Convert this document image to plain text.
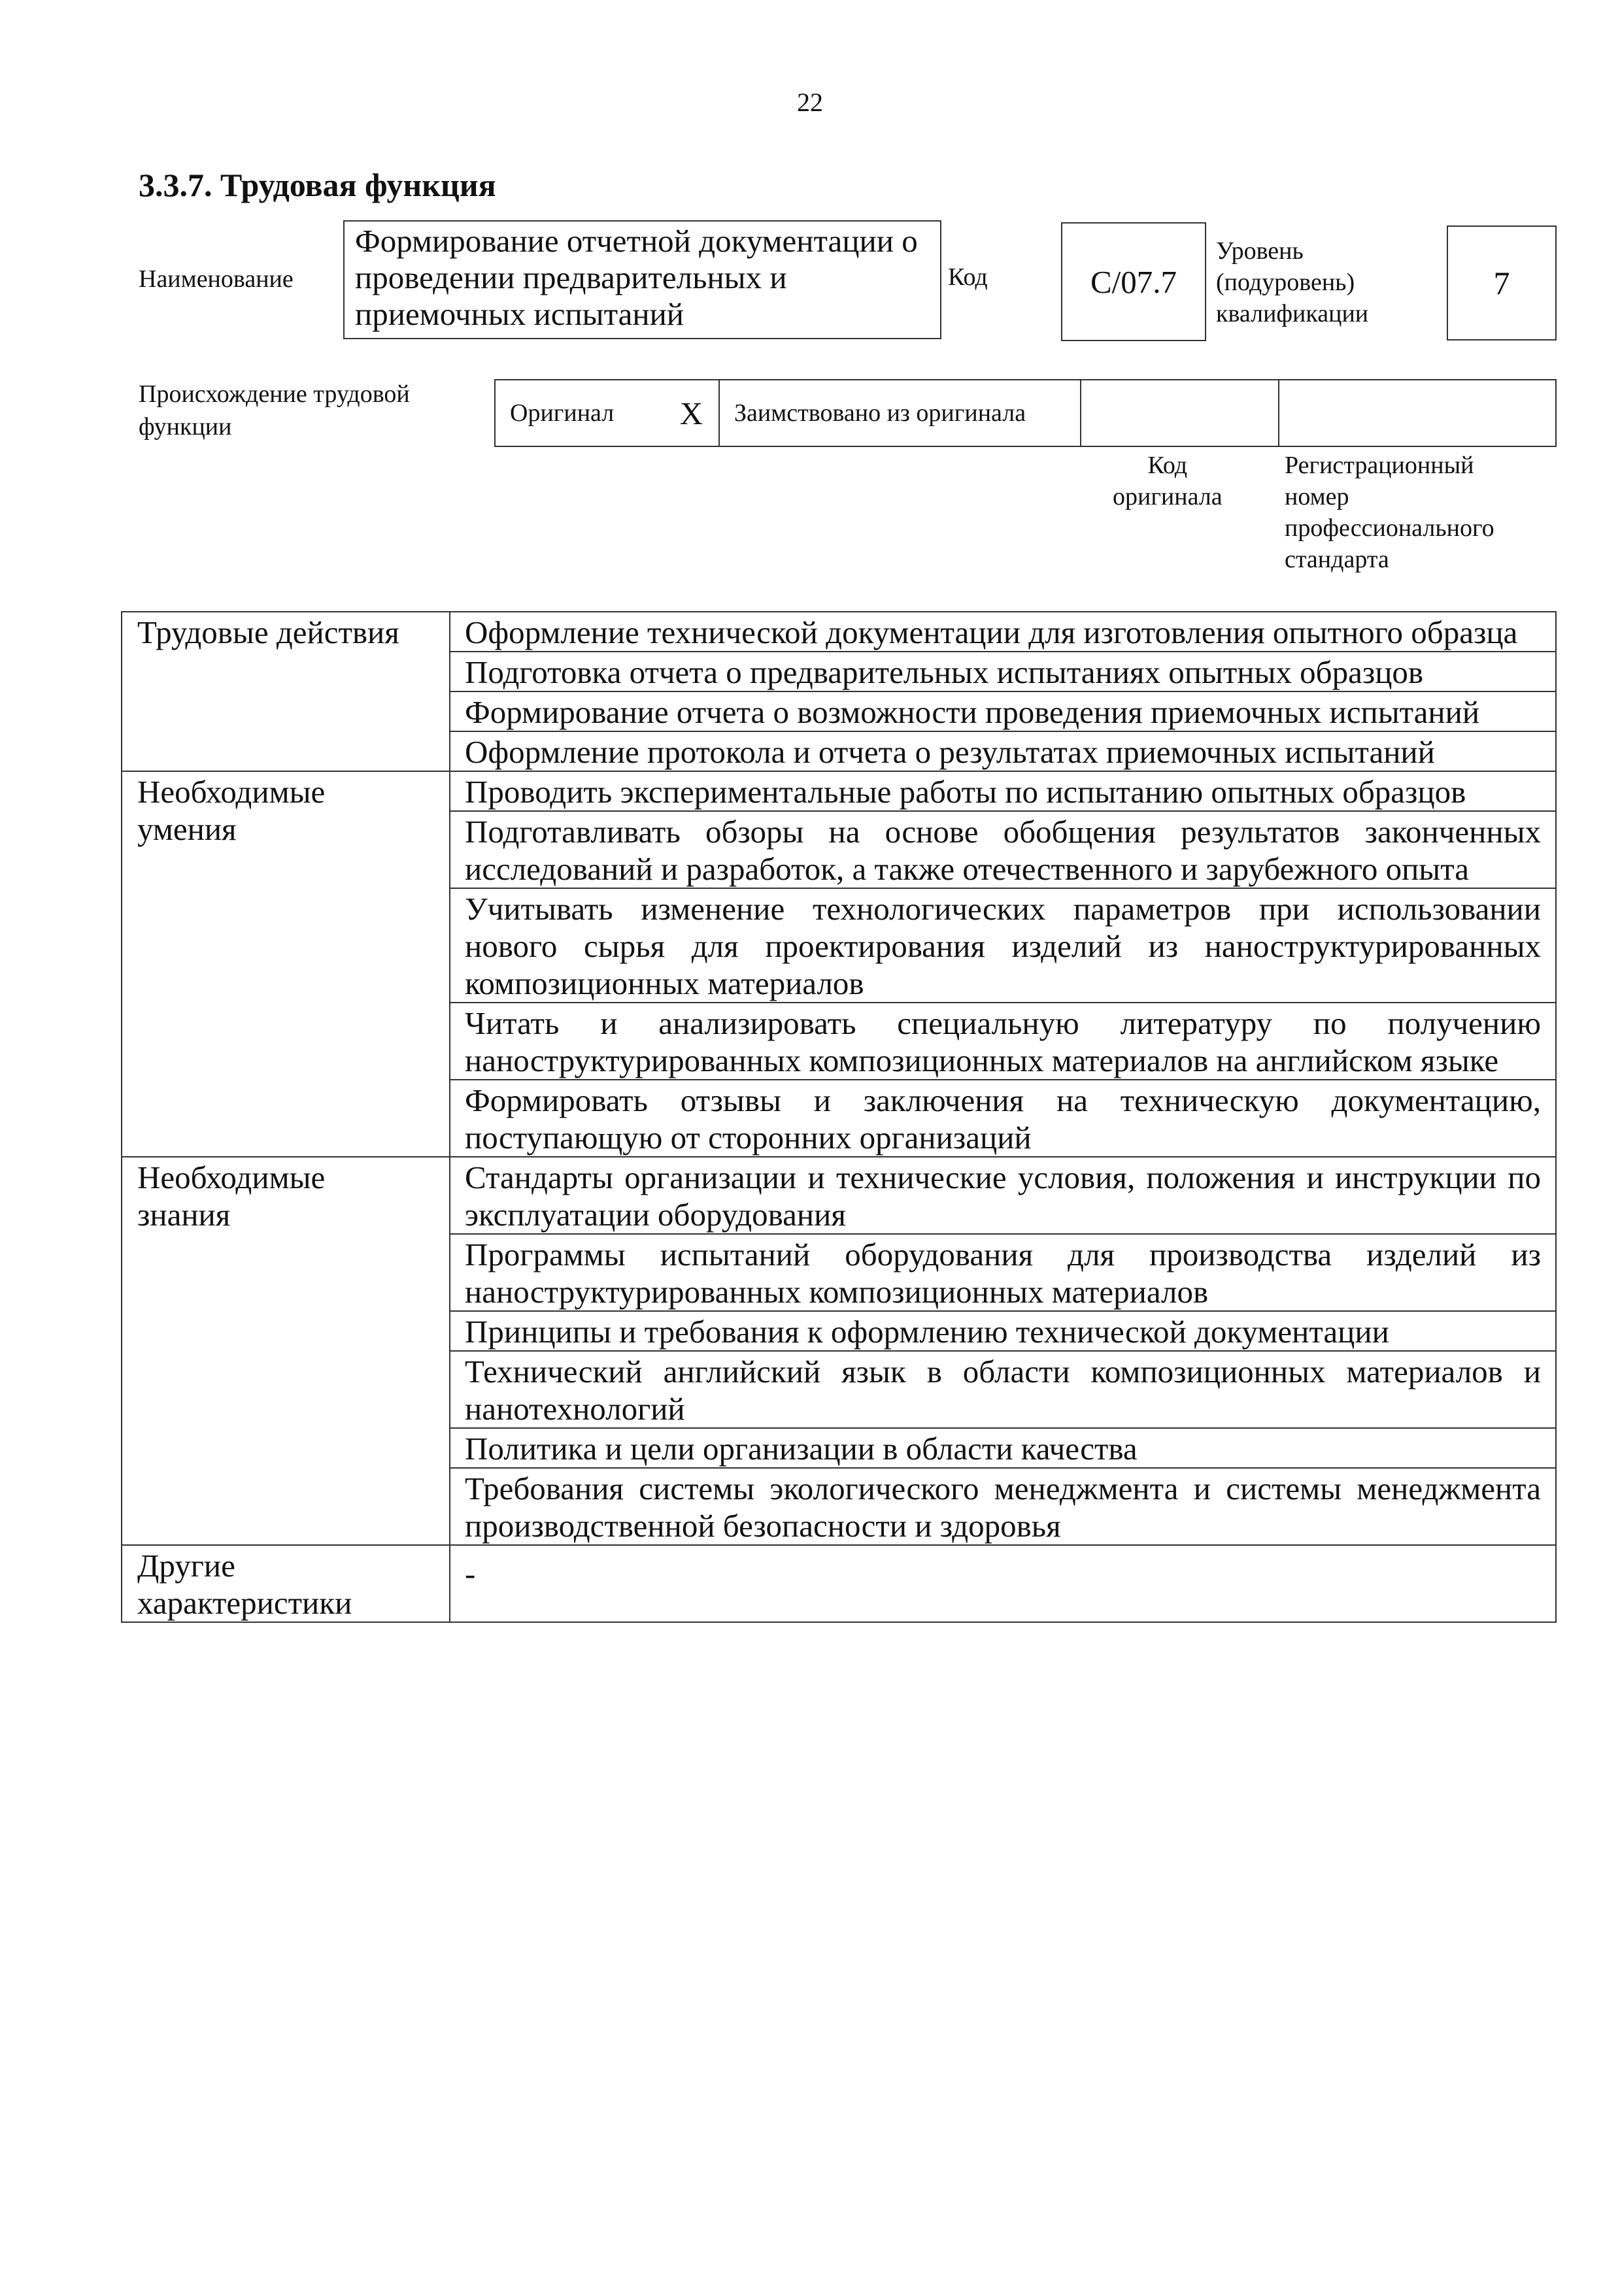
22
3.3.7. Трудовая функция
Наименование
Формирование отчетной документации о проведении предварительных и приемочных испытаний
Код	С/07.7
Уровень
(подуровень)
квалификации
7
Происхождение трудовой
функции	Оригинал	X	Заимствовано из оригинала
Код
оригинала
Регистрационный
номер
профессионального
стандарта
Трудовые действия	Оформление технической документации для изготовления опытного образца
	Подготовка отчета о предварительных испытаниях опытных образцов
	Формирование отчета о возможности проведения приемочных испытаний
	Оформление протокола и отчета о результатах приемочных испытаний

Необходимые
умения	Проводить экспериментальные работы по испытанию опытных образцов
	Подготавливать обзоры на основе обобщения результатов законченных исследований и разработок, а также отечественного и зарубежного опыта
	Учитывать изменение технологических параметров при использовании нового сырья для проектирования изделий из наноструктурированных композиционных материалов
	Читать и анализировать специальную литературу по получению наноструктурированных композиционных материалов на английском языке
	Формировать отзывы и заключения на техническую документацию, поступающую от сторонних организаций

Необходимые
знания	Стандарты организации и технические условия, положения и инструкции по эксплуатации оборудования
	Программы испытаний оборудования для производства изделий из наноструктурированных композиционных материалов
	Принципы и требования к оформлению технической документации
	Технический английский язык в области композиционных материалов и нанотехнологий
	Политика и цели организации в области качества
	Требования системы экологического менеджмента и системы менеджмента производственной безопасности и здоровья

Другие
характеристики	-
